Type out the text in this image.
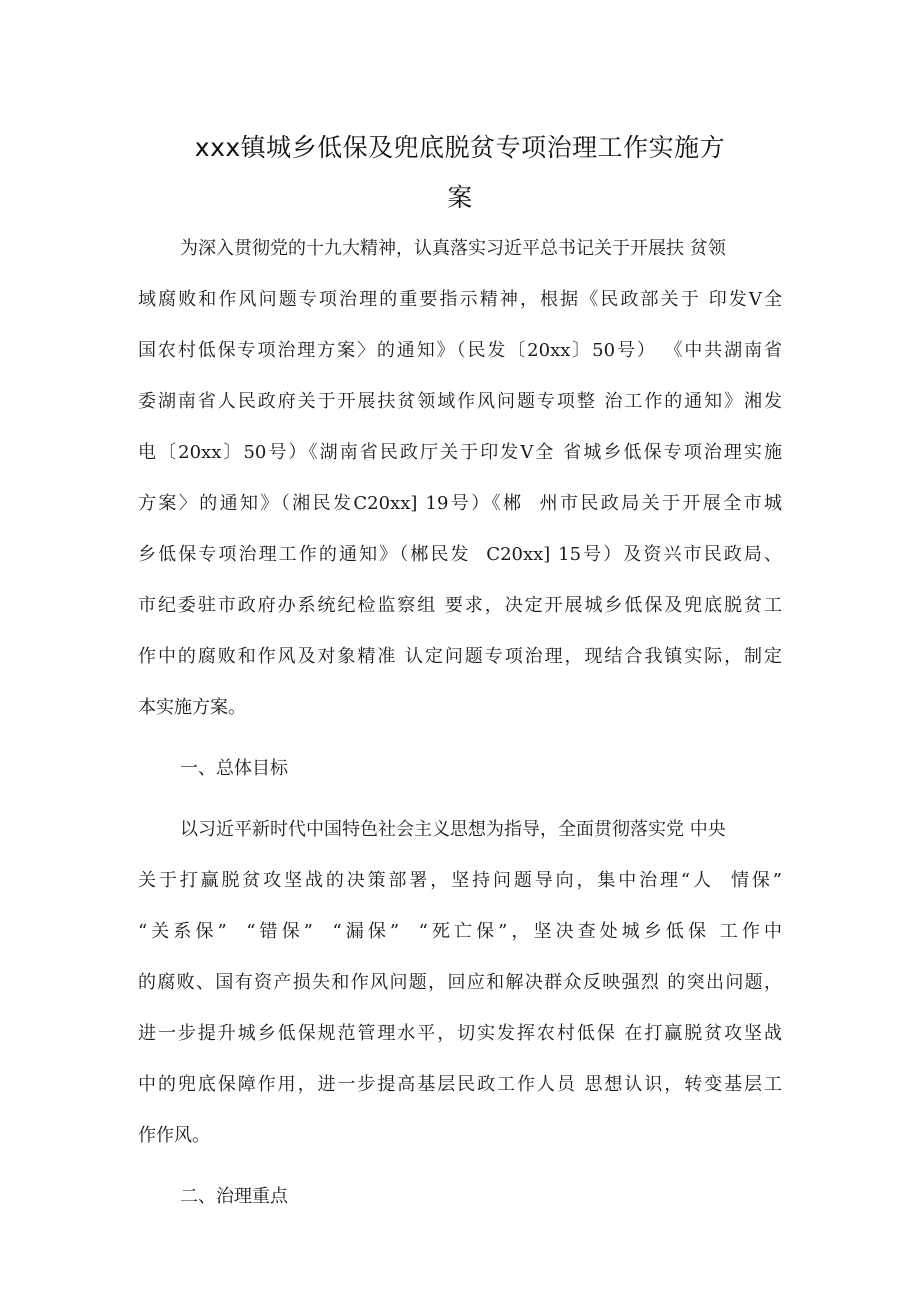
xxx镇城乡低保及兜底脱贫专项治理工作实施方
案

为深入贯彻党的十九大精神，认真落实习近平总书记关于开展扶 贫领

域腐败和作风问题专项治理的重要指示精神，根据《民政部关于 印发V全

国农村低保专项治理方案〉的通知》（民发〔20xx〕50号） 《中共湖南省

委湖南省人民政府关于开展扶贫领域作风问题专项整 治工作的通知》湘发

电〔20xx〕50号）《湖南省民政厅关于印发V全 省城乡低保专项治理实施

方案〉的通知》（湘民发C20xx] 19号）《郴  州市民政局关于开展全市城

乡低保专项治理工作的通知》（郴民发  C20xx] 15号）及资兴市民政局、

市纪委驻市政府办系统纪检监察组 要求，决定开展城乡低保及兜底脱贫工

作中的腐败和作风及对象精准 认定问题专项治理，现结合我镇实际，制定

本实施方案。

一、总体目标

以习近平新时代中国特色社会主义思想为指导，全面贯彻落实党 中央

关于打赢脱贫攻坚战的决策部署，坚持问题导向，集中治理“人  情保”

“关系保”  “错保”  “漏保”  “死亡保”，坚决查处城乡低保 工作中

的腐败、国有资产损失和作风问题，回应和解决群众反映强烈 的突出问题，

进一步提升城乡低保规范管理水平，切实发挥农村低保 在打赢脱贫攻坚战

中的兜底保障作用，进一步提高基层民政工作人员 思想认识，转变基层工

作作风。

二、治理重点
